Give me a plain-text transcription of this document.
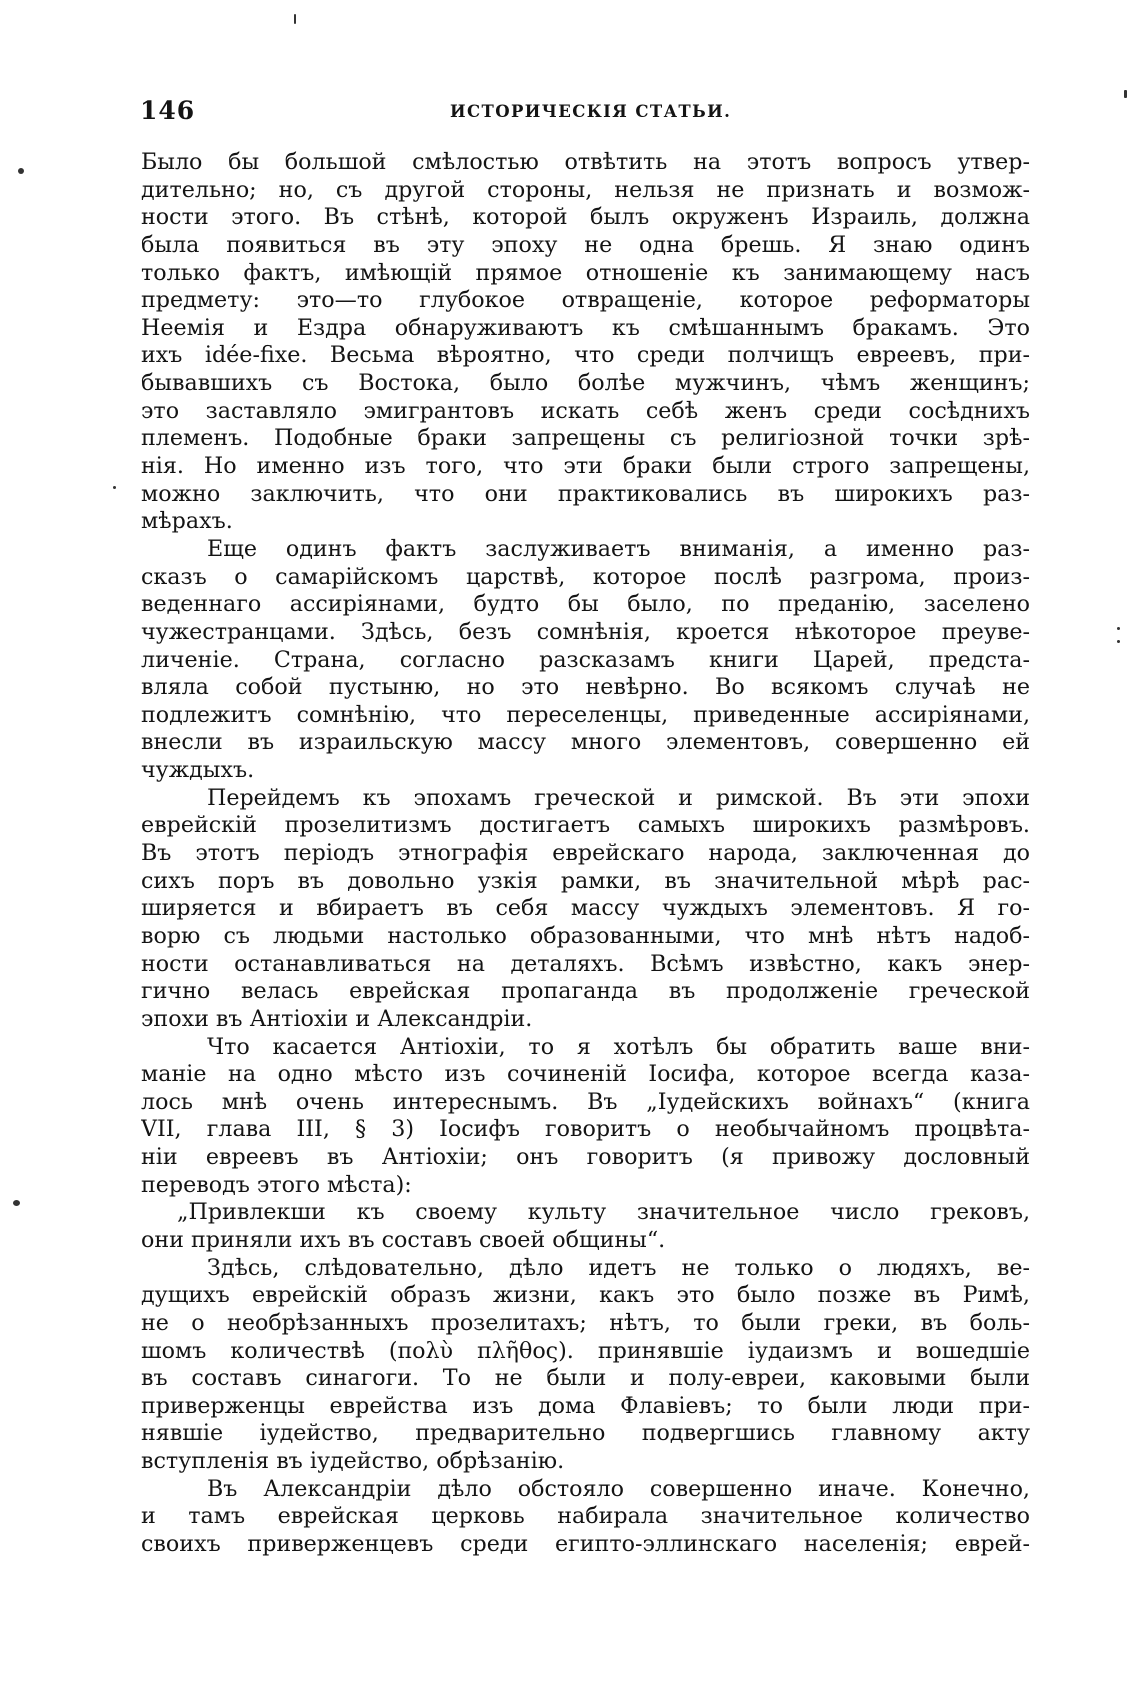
146	ИСТОРИЧЕСКІЯ СТАТЬИ.
Было бы большой смѣлостью отвѣтить на этотъ вопросъ утвер-
дительно; но, съ другой стороны, нельзя не признать и возмож-
ности этого. Въ стѣнѣ, которой былъ окруженъ Израиль, должна
была появиться въ эту эпоху не одна брешь. Я знаю одинъ
только фактъ, имѣющій прямое отношеніе къ занимающему насъ
предмету: это—то глубокое отвращеніе, которое реформаторы
Неемія и Ездра обнаруживаютъ къ смѣшаннымъ бракамъ. Это
ихъ idée-fixe. Весьма вѣроятно, что среди полчищъ евреевъ, при-
бывавшихъ съ Востока, было болѣе мужчинъ, чѣмъ женщинъ;
это заставляло эмигрантовъ искать себѣ женъ среди сосѣднихъ
племенъ. Подобные браки запрещены съ религіозной точки зрѣ-
нія. Но именно изъ того, что эти браки были строго запрещены,
можно заключить, что они практиковались въ широкихъ раз-
мѣрахъ.
Еще одинъ фактъ заслуживаетъ вниманія, а именно раз-
сказъ о самарійскомъ царствѣ, которое послѣ разгрома, произ-
веденнаго ассиріянами, будто бы было, по преданію, заселено
чужестранцами. Здѣсь, безъ сомнѣнія, кроется нѣкоторое преуве-
личеніе. Страна, согласно разсказамъ книги Царей, предста-
вляла собой пустыню, но это невѣрно. Во всякомъ случаѣ не
подлежитъ сомнѣнію, что переселенцы, приведенные ассиріянами,
внесли въ израильскую массу много элементовъ, совершенно ей
чуждыхъ.
Перейдемъ къ эпохамъ греческой и римской. Въ эти эпохи
еврейскій прозелитизмъ достигаетъ самыхъ широкихъ размѣровъ.
Въ этотъ періодъ этнографія еврейскаго народа, заключенная до
сихъ поръ въ довольно узкія рамки, въ значительной мѣрѣ рас-
ширяется и вбираетъ въ себя массу чуждыхъ элементовъ. Я го-
ворю съ людьми настолько образованными, что мнѣ нѣтъ надоб-
ности останавливаться на деталяхъ. Всѣмъ извѣстно, какъ энер-
гично велась еврейская пропаганда въ продолженіе греческой
эпохи въ Антіохіи и Александріи.
Что касается Антіохіи, то я хотѣлъ бы обратить ваше вни-
маніе на одно мѣсто изъ сочиненій Іосифа, которое всегда каза-
лось мнѣ очень интереснымъ. Въ „Іудейскихъ войнахъ“ (книга
VII, глава III, § 3) Іосифъ говоритъ о необычайномъ процвѣта-
ніи евреевъ въ Антіохіи; онъ говоритъ (я привожу дословный
переводъ этого мѣста):
„Привлекши къ своему культу значительное число грековъ,
они приняли ихъ въ составъ своей общины“.
Здѣсь, слѣдовательно, дѣло идетъ не только о людяхъ, ве-
дущихъ еврейскій образъ жизни, какъ это было позже въ Римѣ,
не о необрѣзанныхъ прозелитахъ; нѣтъ, то были греки, въ боль-
шомъ количествѣ (πολὺ πλῆθος). принявшіе іудаизмъ и вошедшіе
въ составъ синагоги. То не были и полу-евреи, каковыми были
приверженцы еврейства изъ дома Флавіевъ; то были люди при-
нявшіе іудейство, предварительно подвергшись главному акту
вступленія въ іудейство, обрѣзанію.
Въ Александріи дѣло обстояло совершенно иначе. Конечно,
и тамъ еврейская церковь набирала значительное количество
своихъ приверженцевъ среди египто-эллинскаго населенія; еврей-
